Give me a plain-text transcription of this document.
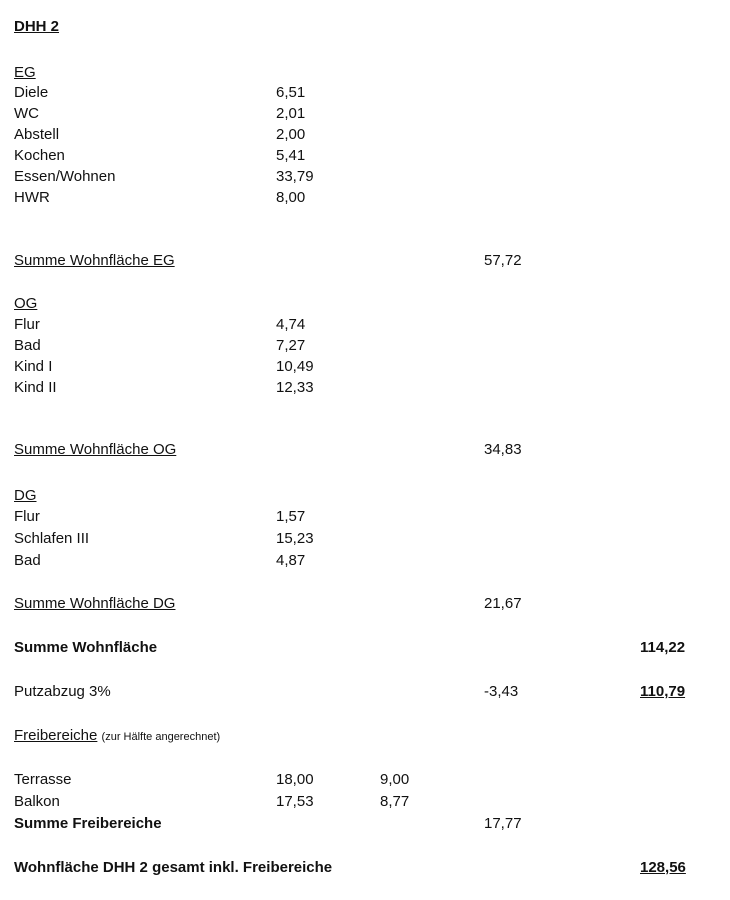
DHH 2
EG
Diele	6,51
WC	2,01
Abstell	2,00
Kochen	5,41
Essen/Wohnen	33,79
HWR	8,00
Summe Wohnfläche EG	57,72
OG
Flur	4,74
Bad	7,27
Kind I	10,49
Kind II	12,33
Summe Wohnfläche OG	34,83
DG
Flur	1,57
Schlafen III	15,23
Bad	4,87
Summe Wohnfläche DG	21,67
Summe Wohnfläche	114,22
Putzabzug 3%	-3,43	110,79
Freibereiche (zur Hälfte angerechnet)
Terrasse	18,00	9,00
Balkon	17,53	8,77
Summe Freibereiche	17,77
Wohnfläche DHH 2 gesamt inkl. Freibereiche	128,56
